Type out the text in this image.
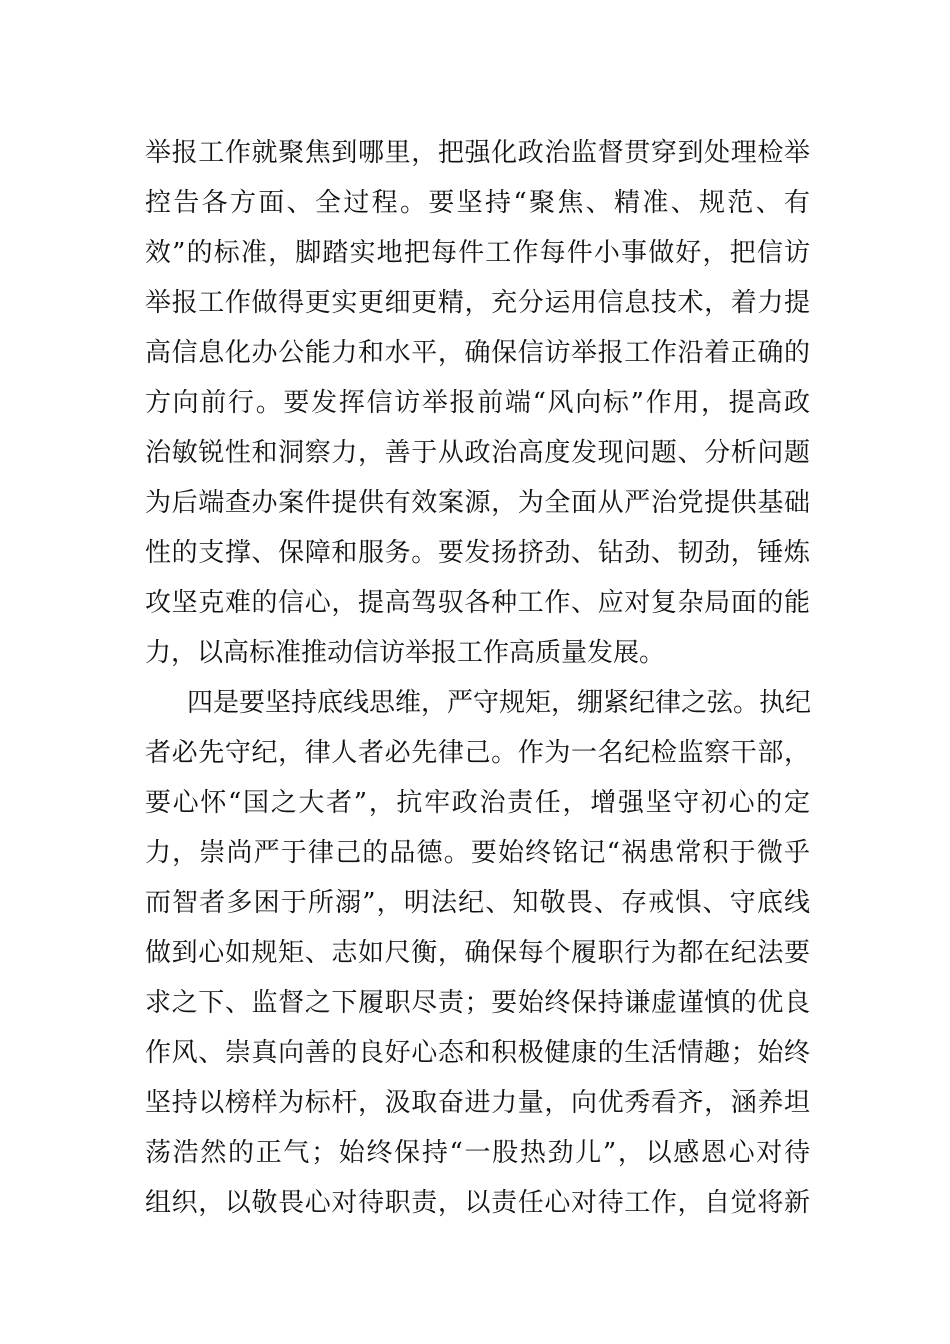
举报工作就聚焦到哪里，把强化政治监督贯穿到处理检举
控告各方面、全过程。要坚持“聚焦、精准、规范、有
效”的标准，脚踏实地把每件工作每件小事做好，把信访
举报工作做得更实更细更精，充分运用信息技术，着力提
高信息化办公能力和水平，确保信访举报工作沿着正确的
方向前行。要发挥信访举报前端“风向标”作用，提高政
治敏锐性和洞察力，善于从政治高度发现问题、分析问题
为后端查办案件提供有效案源，为全面从严治党提供基础
性的支撑、保障和服务。要发扬挤劲、钻劲、韧劲，锤炼
攻坚克难的信心，提高驾驭各种工作、应对复杂局面的能
力，以高标准推动信访举报工作高质量发展。
四是要坚持底线思维，严守规矩，绷紧纪律之弦。执纪
者必先守纪，律人者必先律己。作为一名纪检监察干部，
要心怀“国之大者”，抗牢政治责任，增强坚守初心的定
力，崇尚严于律己的品德。要始终铭记“祸患常积于微乎
而智者多困于所溺”，明法纪、知敬畏、存戒惧、守底线
做到心如规矩、志如尺衡，确保每个履职行为都在纪法要
求之下、监督之下履职尽责；要始终保持谦虚谨慎的优良
作风、崇真向善的良好心态和积极健康的生活情趣；始终
坚持以榜样为标杆，汲取奋进力量，向优秀看齐，涵养坦
荡浩然的正气；始终保持“一股热劲儿”，以感恩心对待
组织，以敬畏心对待职责，以责任心对待工作，自觉将新
